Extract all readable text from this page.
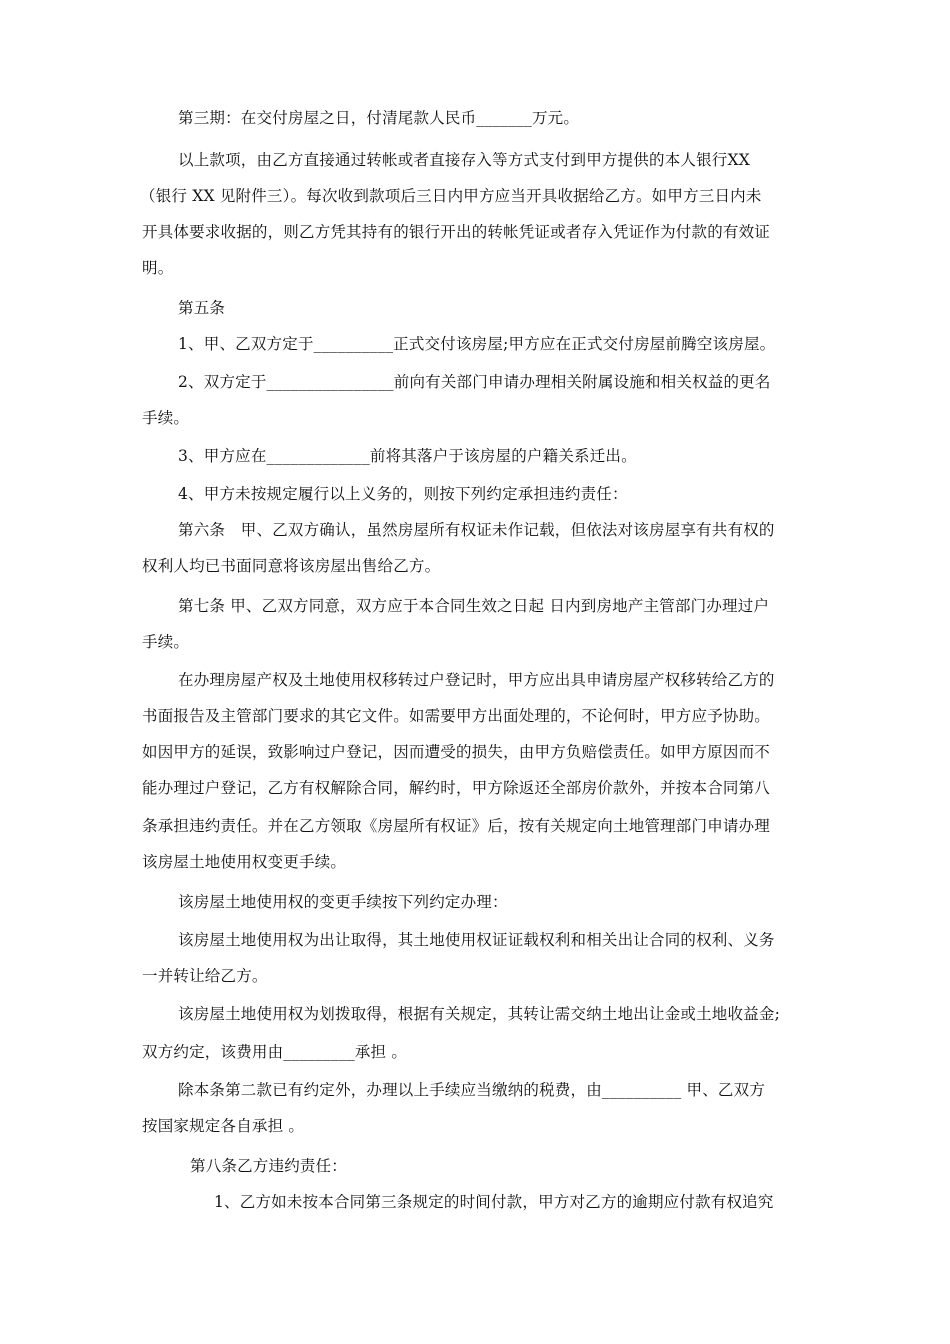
第三期：在交付房屋之日，付清尾款人民币_______万元。
以上款项，由乙方直接通过转帐或者直接存入等方式支付到甲方提供的本人银行XX
（银行 XX 见附件三）。每次收到款项后三日内甲方应当开具收据给乙方。如甲方三日内未
开具体要求收据的，则乙方凭其持有的银行开出的转帐凭证或者存入凭证作为付款的有效证
明。
第五条
1、甲、乙双方定于__________正式交付该房屋;甲方应在正式交付房屋前腾空该房屋。
2、双方定于________________前向有关部门申请办理相关附属设施和相关权益的更名
手续。
3、甲方应在_____________前将其落户于该房屋的户籍关系迁出。
4、甲方未按规定履行以上义务的，则按下列约定承担违约责任：
第六条　甲、乙双方确认，虽然房屋所有权证未作记载，但依法对该房屋享有共有权的
权利人均已书面同意将该房屋出售给乙方。
第七条 甲、乙双方同意，双方应于本合同生效之日起 日内到房地产主管部门办理过户
手续。
在办理房屋产权及土地使用权移转过户登记时，甲方应出具申请房屋产权移转给乙方的
书面报告及主管部门要求的其它文件。如需要甲方出面处理的，不论何时，甲方应予协助。
如因甲方的延误，致影响过户登记，因而遭受的损失，由甲方负赔偿责任。如甲方原因而不
能办理过户登记，乙方有权解除合同，解约时，甲方除返还全部房价款外，并按本合同第八
条承担违约责任。并在乙方领取《房屋所有权证》后，按有关规定向土地管理部门申请办理
该房屋土地使用权变更手续。
该房屋土地使用权的变更手续按下列约定办理：
该房屋土地使用权为出让取得，其土地使用权证证载权利和相关出让合同的权利、义务
一并转让给乙方。
该房屋土地使用权为划拨取得，根据有关规定，其转让需交纳土地出让金或土地收益金;
双方约定，该费用由_________承担 。
除本条第二款已有约定外，办理以上手续应当缴纳的税费，由__________ 甲、乙双方
按国家规定各自承担 。
第八条乙方违约责任：
1、乙方如未按本合同第三条规定的时间付款，甲方对乙方的逾期应付款有权追究
